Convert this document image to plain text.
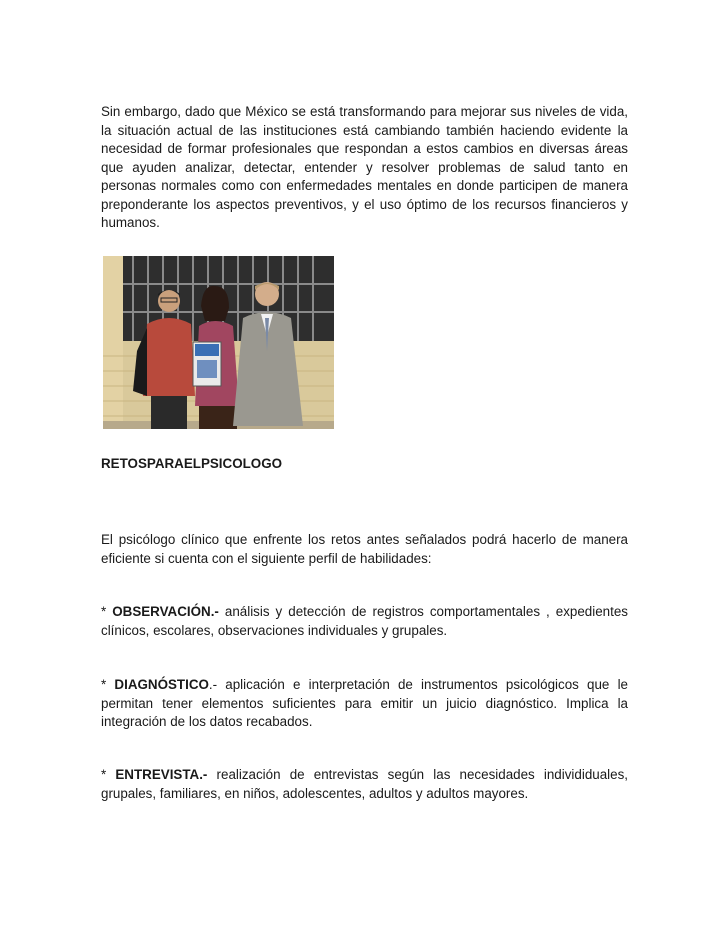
Sin embargo, dado que México se está transformando para mejorar sus niveles de vida, la situación actual de las instituciones está cambiando también haciendo evidente la necesidad de formar profesionales que respondan a estos cambios en diversas áreas que ayuden analizar, detectar, entender y resolver problemas de salud tanto en personas normales como con enfermedades mentales en donde participen de manera preponderante los aspectos preventivos, y el uso óptimo de los recursos financieros y humanos.

RETOSPARAELPSICOLOGO

El psicólogo clínico que enfrente los retos antes señalados podrá hacerlo de manera eficiente si cuenta con el siguiente perfil de habilidades:

* OBSERVACIÓN.- análisis y detección de registros comportamentales , expedientes clínicos, escolares, observaciones individuales y grupales.

* DIAGNÓSTICO.- aplicación e interpretación de instrumentos psicológicos que le permitan tener elementos suficientes para emitir un juicio diagnóstico. Implica la integración de los datos recabados.

* ENTREVISTA.- realización de entrevistas según las necesidades individiduales, grupales, familiares, en niños, adolescentes, adultos y adultos mayores.
